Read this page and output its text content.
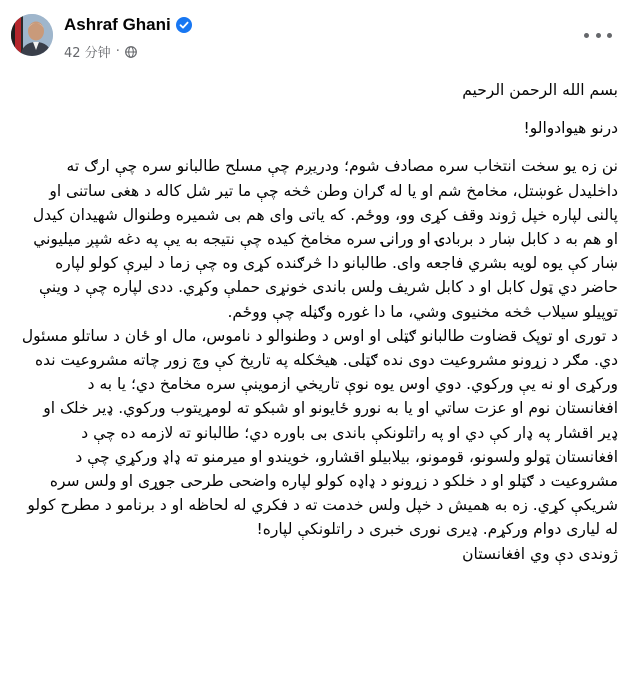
Ashraf Ghani
42 分钟 ·

بسم الله الرحمن الرحیم

درنو هیوادوالو!

نن زه یو سخت انتخاب سره مصادف شوم؛ ودریږم چې مسلح طالبانو سره چې ارګ ته داخلیدل غوښتل، مخامخ شم او یا له ګران وطن څخه چې ما تیر شل کاله د هغی ساتنی او پالنی لپاره خپل ژوند وقف کړی وو، ووځم. که یاتی وای هم بی شمیره وطنوال شهیدان کیدل او هم به د کابل ښار د بربادۍ او ورانۍ سره مخامخ کیده چې نتیجه به یې په دغه شپږ میلیوني ښار کې یوه لويه بشري فاجعه وای. طالبانو دا څرګنده کړی وه چې زما د لیرې کولو لپاره حاضر دي ټول کابل او د کابل شریف ولس باندی خونړی حملې وکړي. ددی لپاره چې د وینې توپیلو سیلاب څخه مخنیوی وشي، ما دا غوره وګڼله چې ووځم.

د توری او توپک قضاوت طالبانو ګټلی او اوس د وطنوالو د ناموس، مال او ځان د ساتلو مسئول دي. مګر د زړونو مشروعیت دوی نده ګټلی. هیڅکله په تاریخ کې وچ زور چاته مشروعیت نده ورکړی او نه یې ورکوي. دوي اوس یوه نوې تاریخي ازموینې سره مخامخ دي؛ یا به د افغانستان نوم او عزت ساتي او یا به نورو ځایونو او شبکو ته لومړیتوب ورکوي. ډیر خلک او ډیر اقشار په ډار کې دي او په راتلونکې باندی بی باوره دي؛ طالبانو ته لازمه ده چې د افغانستان ټولو ولسونو، قومونو، بیلابیلو اقشارو، خویندو او میرمنو ته ډاډ ورکړي چې د مشروعیت د ګټلو او د خلکو د زړونو د ډاډه کولو لپاره واضحی طرحی جوړی او ولس سره شریکې کړي. زه به همیش د خپل ولس خدمت ته د فکري له لحاظه او د برنامو د مطرح کولو له لیاری دوام ورکړم. ډیری نوری خبری د راتلونکې لپاره!

ژوندی دې وي افغانستان
